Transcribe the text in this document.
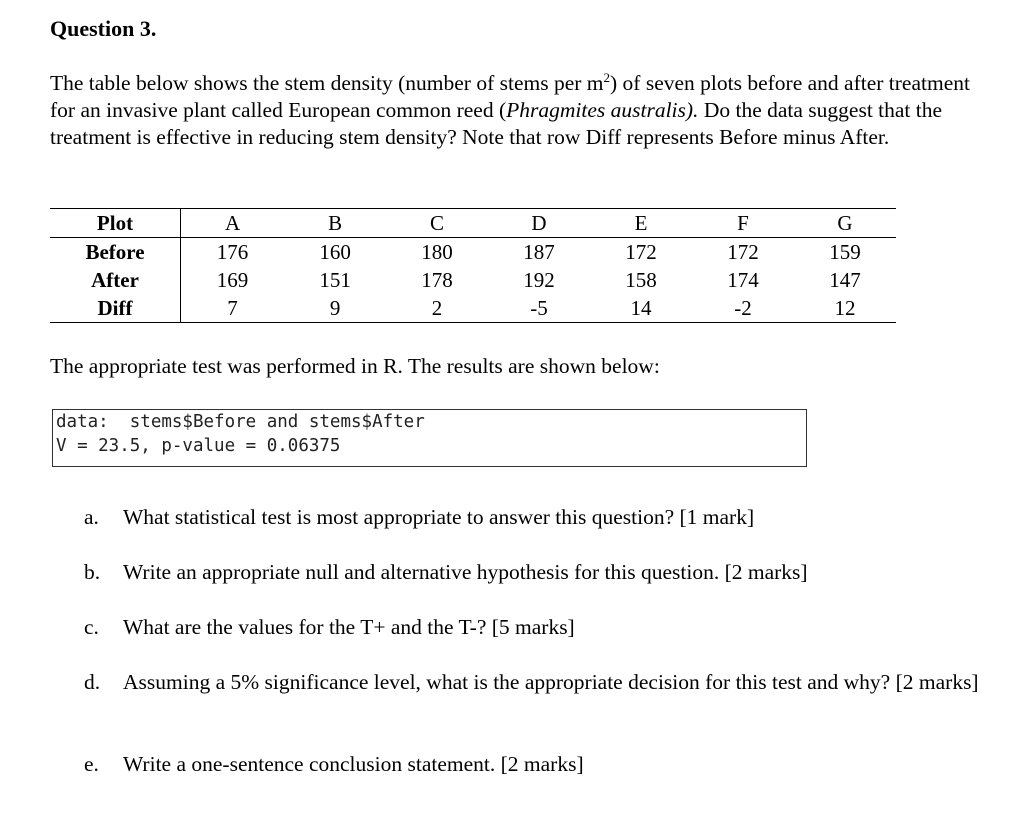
Question 3.
The table below shows the stem density (number of stems per $m^2$) of seven plots before and after treatment for an invasive plant called European common reed (Phragmites australis). Do the data suggest that the treatment is effective in reducing stem density? Note that row Diff represents Before minus After.
Plot	A	B	C	D	E	F	G
Before	176	160	180	187	172	172	159
After	169	151	178	192	158	174	147
Diff	7	9	2	-5	14	-2	12
The appropriate test was performed in R. The results are shown below:
data:  stems$Before and stems$After
V = 23.5, p-value = 0.06375
a. What statistical test is most appropriate to answer this question? [1 mark]
b. Write an appropriate null and alternative hypothesis for this question. [2 marks]
c. What are the values for the T+ and the T-? [5 marks]
d. Assuming a 5% significance level, what is the appropriate decision for this test and why? [2 marks]
e. Write a one-sentence conclusion statement. [2 marks]
